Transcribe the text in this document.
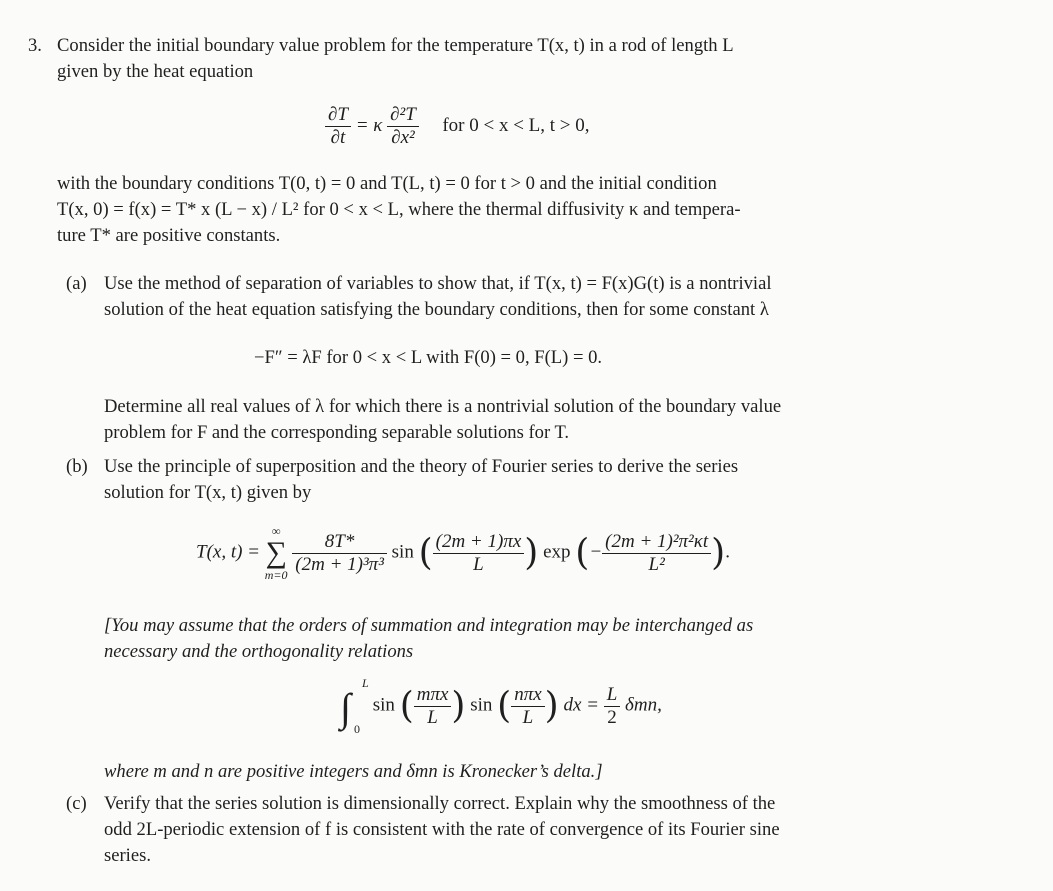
3. Consider the initial boundary value problem for the temperature T(x, t) in a rod of length L
given by the heat equation
$\frac{\partial T}{\partial t} = \kappa \frac{\text{∂²T}}{\text{∂x²}}$ for 0 < x < L, t > 0,
with the boundary conditions T(0, t) = 0 and T(L, t) = 0 for t > 0 and the initial condition
T(x, 0) = f(x) = T* x (L − x) / L² for 0 < x < L, where the thermal diffusivity κ and tempera-
ture T* are positive constants.
(a) Use the method of separation of variables to show that, if T(x, t) = F(x)G(t) is a nontrivial
solution of the heat equation satisfying the boundary conditions, then for some constant λ
−F″ = λF for 0 < x < L with F(0) = 0, F(L) = 0.
Determine all real values of λ for which there is a nontrivial solution of the boundary value
problem for F and the corresponding separable solutions for T.
(b) Use the principle of superposition and the theory of Fourier series to derive the series
solution for T(x, t) given by
T(x, t) =
∞
∑
m=0
$\frac{8T*}{\text{(2m + 1)³π³}}$ sin ( $\frac{(2m + 1)\pi x}{L}$ ) exp (− $\frac{\text{(2m + 1)²π²κt}}{\text{L²}}$ ).
[You may assume that the orders of summation and integration may be interchanged as
necessary and the orthogonality relations
∫
L
0
sin ( $\frac{\text{mπx}}{L}$ ) sin ( $\frac{\text{nπx}}{L}$ ) dx = $\frac{L}{2} \delta mn$,
where m and n are positive integers and δmn is Kronecker’s delta.]
(c) Verify that the series solution is dimensionally correct. Explain why the smoothness of the
odd 2L-periodic extension of f is consistent with the rate of convergence of its Fourier sine
series.
